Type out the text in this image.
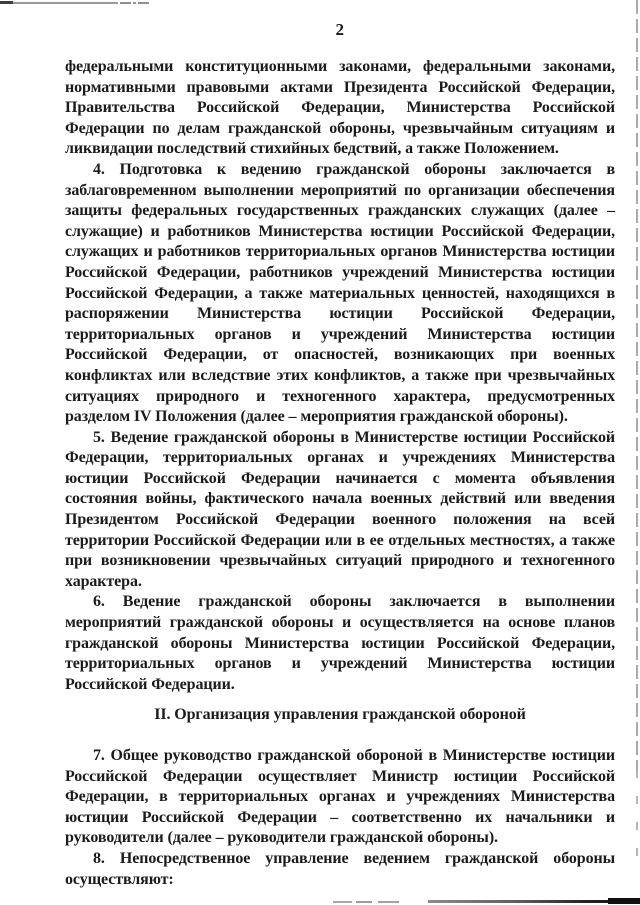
2

федеральными конституционными законами, федеральными законами, нормативными правовыми актами Президента Российской Федерации, Правительства Российской Федерации, Министерства Российской Федерации по делам гражданской обороны, чрезвычайным ситуациям и ликвидации последствий стихийных бедствий, а также Положением.

4. Подготовка к ведению гражданской обороны заключается в заблаговременном выполнении мероприятий по организации обеспечения защиты федеральных государственных гражданских служащих (далее – служащие) и работников Министерства юстиции Российской Федерации, служащих и работников территориальных органов Министерства юстиции Российской Федерации, работников учреждений Министерства юстиции Российской Федерации, а также материальных ценностей, находящихся в распоряжении Министерства юстиции Российской Федерации, территориальных органов и учреждений Министерства юстиции Российской Федерации, от опасностей, возникающих при военных конфликтах или вследствие этих конфликтов, а также при чрезвычайных ситуациях природного и техногенного характера, предусмотренных разделом IV Положения (далее – мероприятия гражданской обороны).

5. Ведение гражданской обороны в Министерстве юстиции Российской Федерации, территориальных органах и учреждениях Министерства юстиции Российской Федерации начинается с момента объявления состояния войны, фактического начала военных действий или введения Президентом Российской Федерации военного положения на всей территории Российской Федерации или в ее отдельных местностях, а также при возникновении чрезвычайных ситуаций природного и техногенного характера.

6. Ведение гражданской обороны заключается в выполнении мероприятий гражданской обороны и осуществляется на основе планов гражданской обороны Министерства юстиции Российской Федерации, территориальных органов и учреждений Министерства юстиции Российской Федерации.

II. Организация управления гражданской обороной

7. Общее руководство гражданской обороной в Министерстве юстиции Российской Федерации осуществляет Министр юстиции Российской Федерации, в территориальных органах и учреждениях Министерства юстиции Российской Федерации – соответственно их начальники и руководители (далее – руководители гражданской обороны).

8. Непосредственное управление ведением гражданской обороны осуществляют:
